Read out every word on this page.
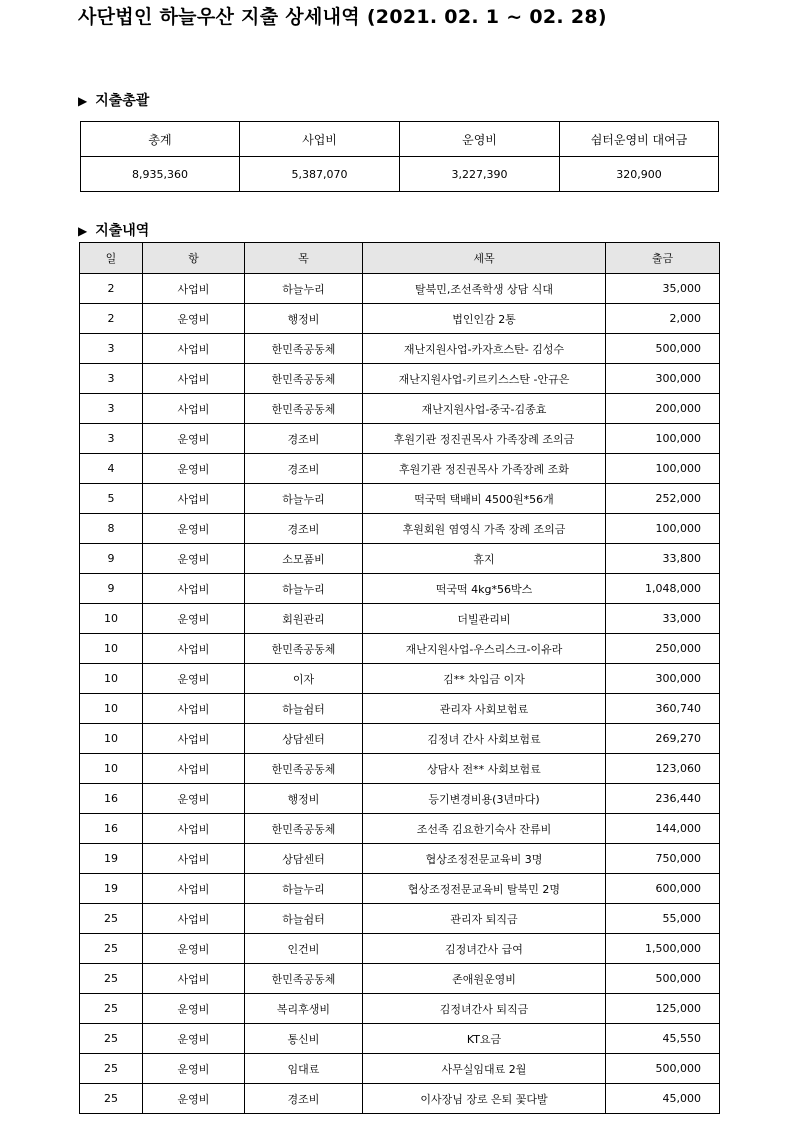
사단법인 하늘우산 지출 상세내역 (2021. 02. 1 ~ 02. 28)
▶ 지출총괄
총계	사업비	운영비	쉼터운영비 대여금
8,935,360	5,387,070	3,227,390	320,900
▶ 지출내역
일	항	목	세목	출금
2	사업비	하늘누리	탈북민,조선족학생 상담 식대	35,000
2	운영비	행정비	법인인감 2통	2,000
3	사업비	한민족공동체	재난지원사업-카자흐스탄- 김성수	500,000
3	사업비	한민족공동체	재난지원사업-키르키스스탄 -안규은	300,000
3	사업비	한민족공동체	재난지원사업-중국-김종효	200,000
3	운영비	경조비	후원기관 정진권목사 가족장례 조의금	100,000
4	운영비	경조비	후원기관 정진권목사 가족장례 조화	100,000
5	사업비	하늘누리	떡국떡 택배비 4500원*56개	252,000
8	운영비	경조비	후원회원 염영식 가족 장례 조의금	100,000
9	운영비	소모품비	휴지	33,800
9	사업비	하늘누리	떡국떡 4kg*56박스	1,048,000
10	운영비	회원관리	더빌관리비	33,000
10	사업비	한민족공동체	재난지원사업-우스리스크-이유라	250,000
10	운영비	이자	김** 차입금 이자	300,000
10	사업비	하늘쉼터	관리자 사회보험료	360,740
10	사업비	상담센터	김정녀 간사 사회보험료	269,270
10	사업비	한민족공동체	상담사 전** 사회보험료	123,060
16	운영비	행정비	등기변경비용(3년마다)	236,440
16	사업비	한민족공동체	조선족 김요한기숙사 잔류비	144,000
19	사업비	상담센터	협상조정전문교육비 3명	750,000
19	사업비	하늘누리	협상조정전문교육비 탈북민 2명	600,000
25	사업비	하늘쉼터	관리자 퇴직금	55,000
25	운영비	인건비	김정녀간사 급여	1,500,000
25	사업비	한민족공동체	존애원운영비	500,000
25	운영비	복리후생비	김정녀간사 퇴직금	125,000
25	운영비	통신비	KT요금	45,550
25	운영비	임대료	사무실임대료 2월	500,000
25	운영비	경조비	이사장님 장로 은퇴 꽃다발	45,000
